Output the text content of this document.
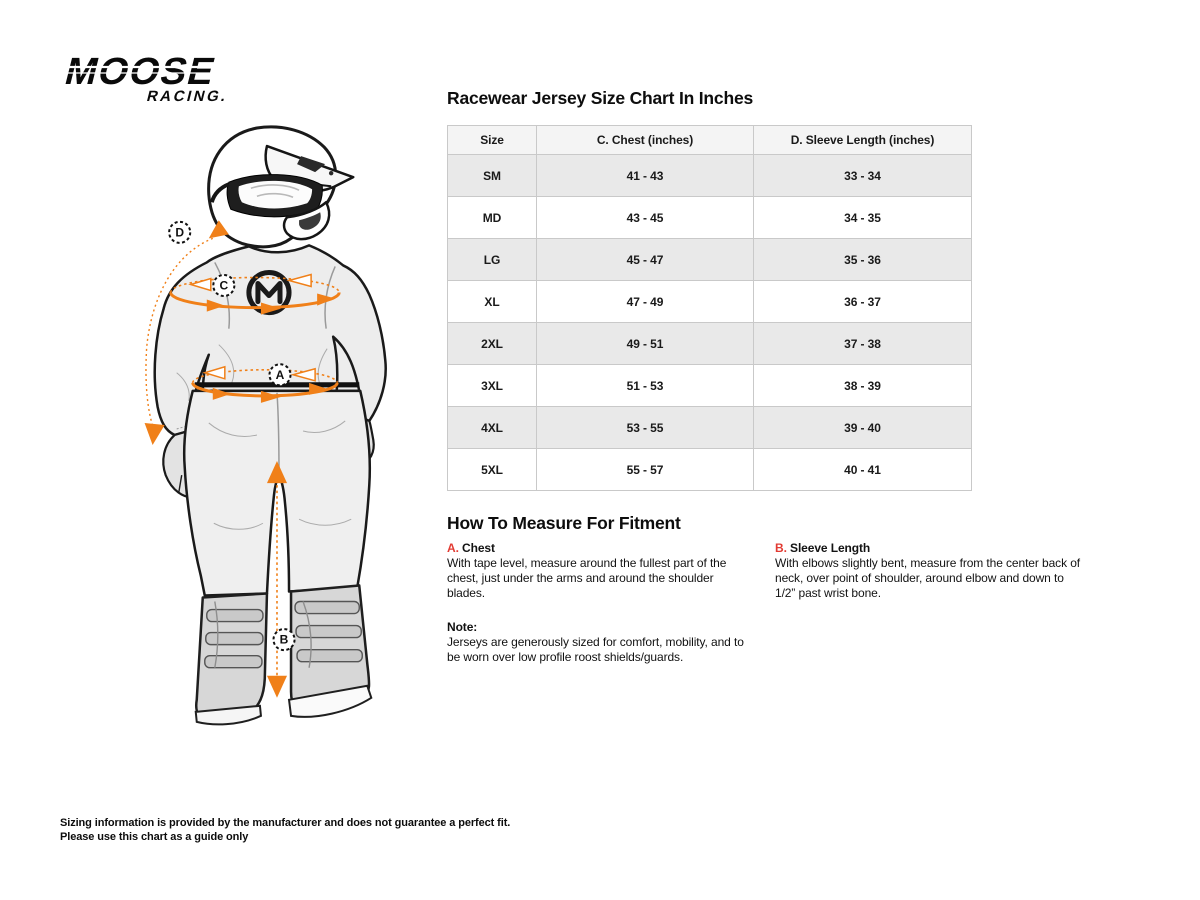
MOOSE
RACING.
D
C
A
B
Racewear Jersey Size Chart In Inches
Size	C. Chest (inches)	D. Sleeve Length (inches)
SM	41 - 43	33 - 34
MD	43 - 45	34 - 35
LG	45 - 47	35 - 36
XL	47 - 49	36 - 37
2XL	49 - 51	37 - 38
3XL	51 - 53	38 - 39
4XL	53 - 55	39 - 40
5XL	55 - 57	40 - 41
How To Measure For Fitment
A. Chest
With tape level, measure around the fullest part of the chest, just under the arms and around the shoulder blades.
B. Sleeve Length
With elbows slightly bent, measure from the center back of neck, over point of shoulder, around elbow and down to 1/2” past wrist bone.
Note:
Jerseys are generously sized for comfort, mobility, and to be worn over low profile roost shields/guards.
Sizing information is provided by the manufacturer and does not guarantee a perfect fit.
Please use this chart as a guide only
